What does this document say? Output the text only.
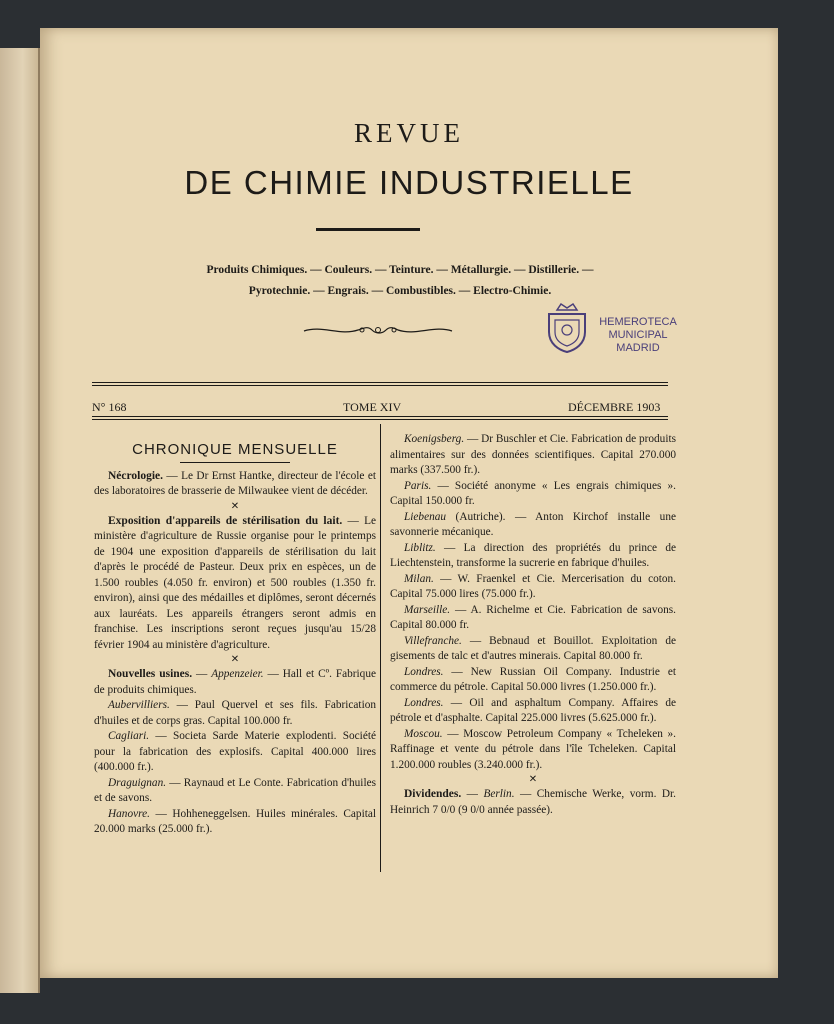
REVUE
DE CHIMIE INDUSTRIELLE
Produits Chimiques. — Couleurs. — Teinture. — Métallurgie. — Distillerie. —
Pyrotechnie. — Engrais. — Combustibles. — Electro-Chimie.
HEMEROTECA
MUNICIPAL
MADRID
N° 168	TOME XIV	DÉCEMBRE 1903
CHRONIQUE MENSUELLE

Nécrologie. — Le Dr Ernst Hantke, directeur de l'école et des laboratoires de brasserie de Milwaukee vient de décéder.

✕

Exposition d'appareils de stérilisation du lait. — Le ministère d'agriculture de Russie organise pour le printemps de 1904 une exposition d'appareils de stérilisation du lait d'après le procédé de Pasteur. Deux prix en espèces, un de 1.500 roubles (4.050 fr. environ) et 500 roubles (1.350 fr. environ), ainsi que des médailles et diplômes, seront décernés aux lauréats. Les appareils étrangers seront admis en franchise. Les inscriptions seront reçues jusqu'au 15/28 février 1904 au ministère d'agriculture.

✕

Nouvelles usines. — Appenzeier. — Hall et Cº. Fabrique de produits chimiques.

Aubervilliers. — Paul Quervel et ses fils. Fabrication d'huiles et de corps gras. Capital 100.000 fr.

Cagliari. — Societa Sarde Materie explodenti. Société pour la fabrication des explosifs. Capital 400.000 lires (400.000 fr.).

Draguignan. — Raynaud et Le Conte. Fabrication d'huiles et de savons.

Hanovre. — Hohheneggelsen. Huiles minérales. Capital 20.000 marks (25.000 fr.).

Koenigsberg. — Dr Buschler et Cie. Fabrication de produits alimentaires sur des données scientifiques. Capital 270.000 marks (337.500 fr.).

Paris. — Société anonyme « Les engrais chimiques ». Capital 150.000 fr.

Liebenau (Autriche). — Anton Kirchof installe une savonnerie mécanique.

Liblitz. — La direction des propriétés du prince de Liechtenstein, transforme la sucrerie en fabrique d'huiles.

Milan. — W. Fraenkel et Cie. Mercerisation du coton. Capital 75.000 lires (75.000 fr.).

Marseille. — A. Richelme et Cie. Fabrication de savons. Capital 80.000 fr.

Villefranche. — Bebnaud et Bouillot. Exploitation de gisements de talc et d'autres minerais. Capital 80.000 fr.

Londres. — New Russian Oil Company. Industrie et commerce du pétrole. Capital 50.000 livres (1.250.000 fr.).

Londres. — Oil and asphaltum Company. Affaires de pétrole et d'asphalte. Capital 225.000 livres (5.625.000 fr.).

Moscou. — Moscow Petroleum Company « Tcheleken ». Raffinage et vente du pétrole dans l'île Tcheleken. Capital 1.200.000 roubles (3.240.000 fr.).

✕

Dividendes. — Berlin. — Chemische Werke, vorm. Dr. Heinrich 7 0/0 (9 0/0 année passée).
